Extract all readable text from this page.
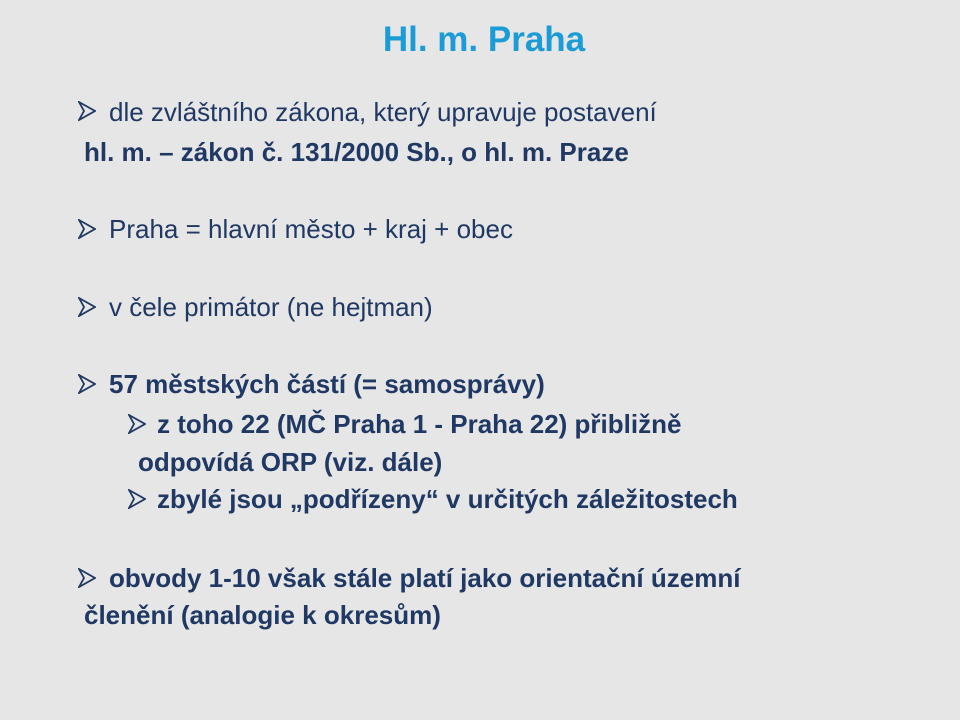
Hl. m. Praha
dle zvláštního zákona, který upravuje postavení
hl. m. – zákon č. 131/2000 Sb., o hl. m. Praze
Praha = hlavní město + kraj + obec
v čele primátor (ne hejtman)
57 městských částí (= samosprávy)
z toho 22 (MČ Praha 1 - Praha 22) přibližně
odpovídá ORP (viz. dále)
zbylé jsou „podřízeny“ v určitých záležitostech
obvody 1-10 však stále platí jako orientační územní
členění (analogie k okresům)
